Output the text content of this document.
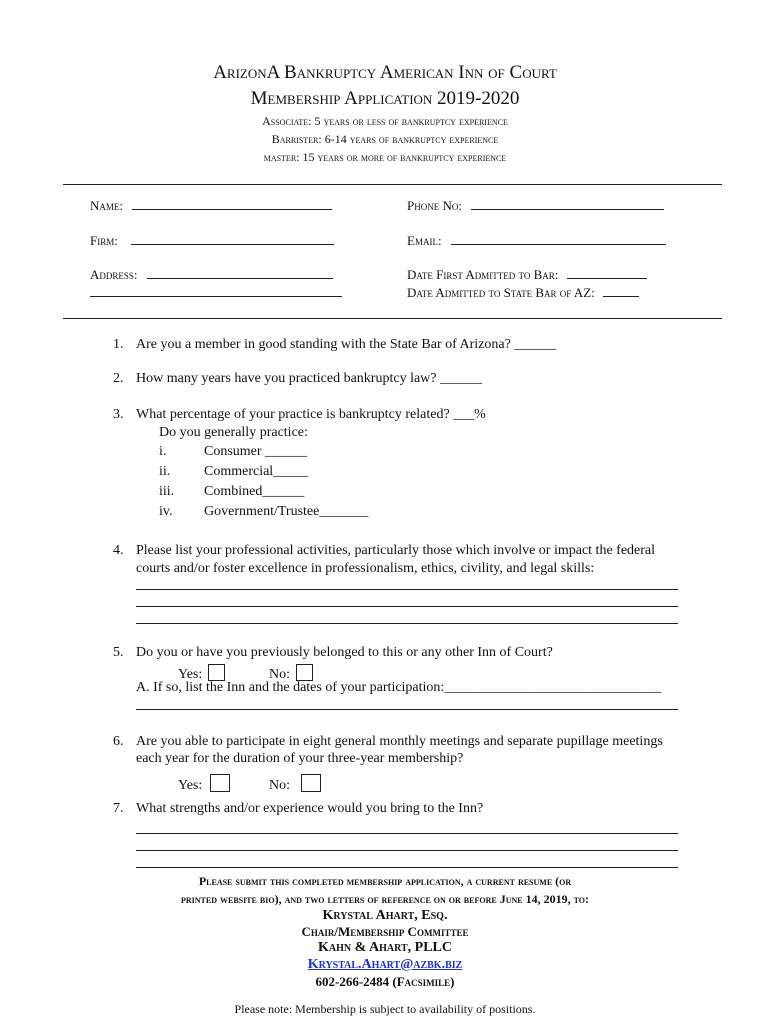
ArizonA Bankruptcy American Inn of Court
Membership Application 2019-2020
Associate: 5 years or less of bankruptcy experience
Barrister: 6-14 years of bankruptcy experience
master: 15 years or more of bankruptcy experience
Name:	Phone No:
Firm:	Email:
Address:	Date First Admitted to Bar:
Date Admitted to State Bar of AZ:
1. Are you a member in good standing with the State Bar of Arizona? ______
2. How many years have you practiced bankruptcy law? ______
3. What percentage of your practice is bankruptcy related? ___%
Do you generally practice:
i.	Consumer ______
ii. Commercial_____
iii. Combined______
iv. Government/Trustee_______
4. Please list your professional activities, particularly those which involve or impact the federal
courts and/or foster excellence in professionalism, ethics, civility, and legal skills:
5. Do you or have you previously belonged to this or any other Inn of Court?
Yes:	No:
A. If so, list the Inn and the dates of your participation:_______________________________
6. Are you able to participate in eight general monthly meetings and separate pupillage meetings
each year for the duration of your three-year membership?
Yes:	No:
7. What strengths and/or experience would you bring to the Inn?
Please submit this completed membership application, a current resume (or
printed website bio), and two letters of reference on or before June 14, 2019, to:
Krystal Ahart, Esq.
Chair/Membership Committee
Kahn & Ahart, PLLC
Krystal.Ahart@azbk.biz
602-266-2484 (Facsimile)
Please note: Membership is subject to availability of positions.
